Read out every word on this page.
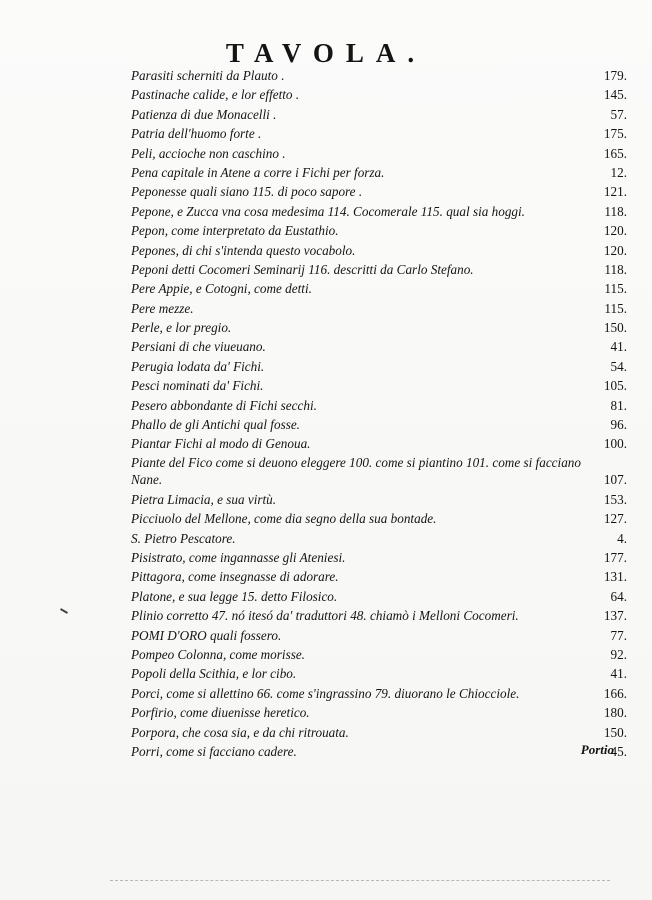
TAVOLA.
Parasiti scherniti da Plauto .	179.
Pastinache calide, e lor effetto .	145.
Patienza di due Monacelli .	57.
Patria dell'huomo forte .	175.
Peli, accioche non caschino .	165.
Pena capitale in Atene a corre i Fichi per forza.	12.
Peponesse quali siano 115. di poco sapore .	121.
Pepone, e Zucca vna cosa medesima 114. Cocomerale 115. qual sia hoggi.	118.
Pepon, come interpretato da Eustathio.	120.
Pepones, di chi s'intenda questo vocabolo.	120.
Peponi detti Cocomeri Seminarij 116. descritti da Carlo Stefano.	118.
Pere Appie, e Cotogni, come detti.	115.
Pere mezze.	115.
Perle, e lor pregio.	150.
Persiani di che viueuano.	41.
Perugia lodata da' Fichi.	54.
Pesci nominati da' Fichi.	105.
Pesero abbondante di Fichi secchi.	81.
Phallo de gli Antichi qual fosse.	96.
Piantar Fichi al modo di Genoua.	100.
Piante del Fico come si deuono eleggere 100. come si piantino 101. come si facciano Nane.	107.
Pietra Limacia, e sua virtù.	153.
Picciuolo del Mellone, come dia segno della sua bontade.	127.
S. Pietro Pescatore.	4.
Pisistrato, come ingannasse gli Ateniesi.	177.
Pittagora, come insegnasse di adorare.	131.
Platone, e sua legge 15. detto Filosico.	64.
Plinio corretto 47. nó itesó da' traduttori 48. chiamò i Melloni Cocomeri.	137.
POMI D'ORO quali fossero.	77.
Pompeo Colonna, come morisse.	92.
Popoli della Scithia, e lor cibo.	41.
Porci, come si allettino 66. come s'ingrassino 79. diuorano le Chiocciole.	166.
Porfirio, come diuenisse heretico.	180.
Porpora, che cosa sia, e da chi ritrouata.	150.
Porri, come si facciano cadere.	45.
Portio
